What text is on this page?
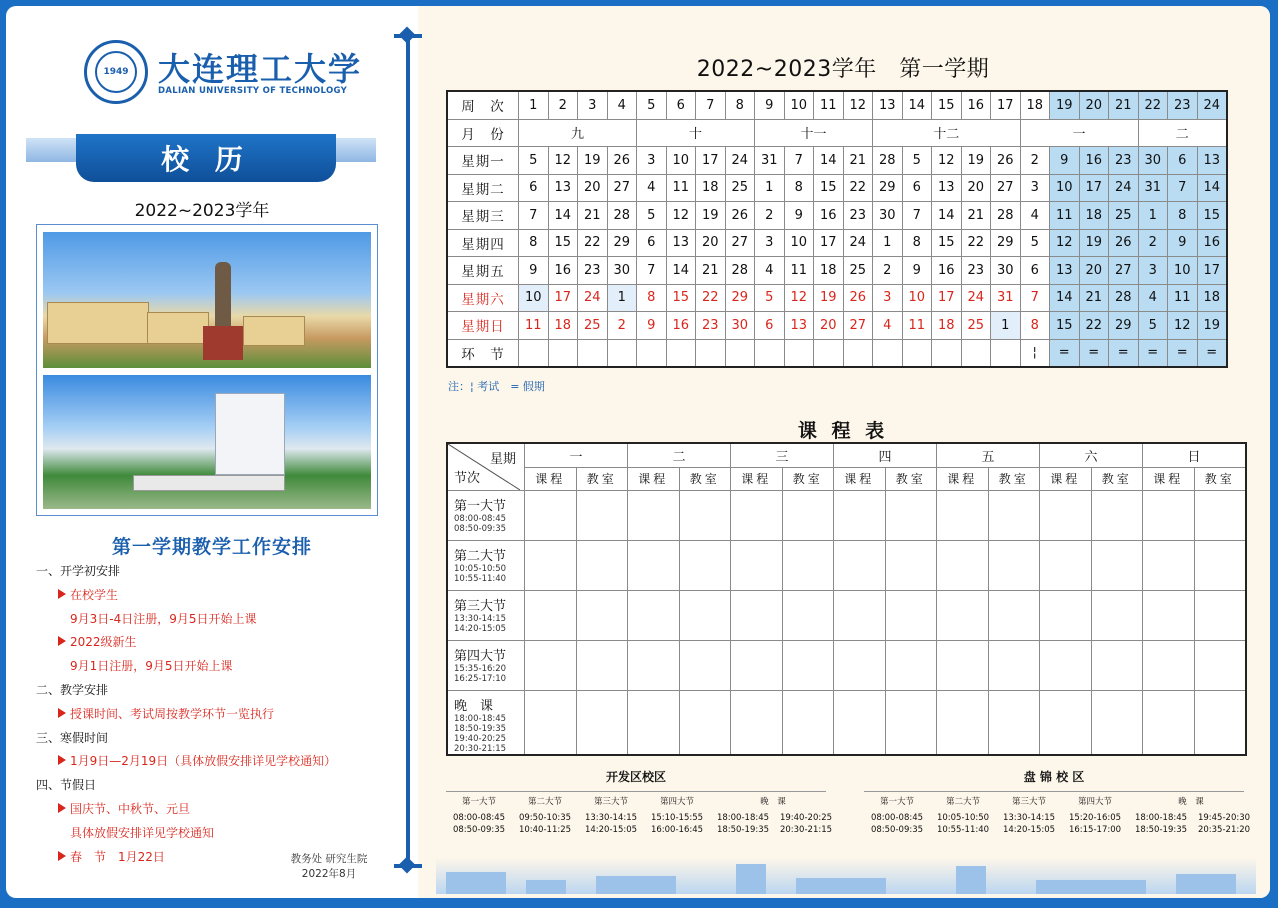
1949 大连理工大学
DALIAN UNIVERSITY OF TECHNOLOGY
校 历
2022~2023学年
第一学期教学工作安排
一、开学初安排
在校学生
9月3日-4日注册，9月5日开始上课
2022级新生
9月1日注册，9月5日开始上课
二、教学安排
授课时间、考试周按教学环节一览执行
三、寒假时间
1月9日—2月19日（具体放假安排详见学校通知）
四、节假日
国庆节、中秋节、元旦
具体放假安排详见学校通知
春　节　1月22日	教务处 研究生院
2022年8月
2022~2023学年　第一学期
周　次	1	2	3	4	5	6	7	8	9	10	11	12	13	14	15	16	17	18	19	20	21	22	23	24
月　份	九				十				十一				十二					一				二		
星期一	5	12	19	26	3	10	17	24	31	7	14	21	28	5	12	19	26	2	9	16	23	30	6	13
星期二	6	13	20	27	4	11	18	25	1	8	15	22	29	6	13	20	27	3	10	17	24	31	7	14
星期三	7	14	21	28	5	12	19	26	2	9	16	23	30	7	14	21	28	4	11	18	25	1	8	15
星期四	8	15	22	29	6	13	20	27	3	10	17	24	1	8	15	22	29	5	12	19	26	2	9	16
星期五	9	16	23	30	7	14	21	28	4	11	18	25	2	9	16	23	30	6	13	20	27	3	10	17
星期六	10	17	24	1	8	15	22	29	5	12	19	26	3	10	17	24	31	7	14	21	28	4	11	18
星期日	11	18	25	2	9	16	23	30	6	13	20	27	4	11	18	25	1	8	15	22	29	5	12	19
环　节																		¦	=	=	=	=	=	=
注：¦ 考试　= 假期
课 程 表
星期
节次	一		二		三		四		五		六		日	
	课程	教室	课程	教室	课程	教室	课程	教室	课程	教室	课程	教室	课程	教室

第一大节
08:00-08:45
08:50-09:35														

第二大节
10:05-10:50
10:55-11:40														

第三大节
13:30-14:15
14:20-15:05														

第四大节
15:35-16:20
16:25-17:10														

晚　课
18:00-18:45
18:50-19:35
19:40-20:25
20:30-21:15														

开发区校区
第一大节	第二大节	第三大节	第四大节	晚　课
08:00-08:45	09:50-10:35	13:30-14:15	15:10-15:55	18:00-18:45	19:40-20:25
08:50-09:35	10:40-11:25	14:20-15:05	16:00-16:45	18:50-19:35	20:30-21:15
盘 锦 校 区
第一大节	第二大节	第三大节	第四大节	晚　课
08:00-08:45	10:05-10:50	13:30-14:15	15:20-16:05	18:00-18:45	19:45-20:30
08:50-09:35	10:55-11:40	14:20-15:05	16:15-17:00	18:50-19:35	20:35-21:20
